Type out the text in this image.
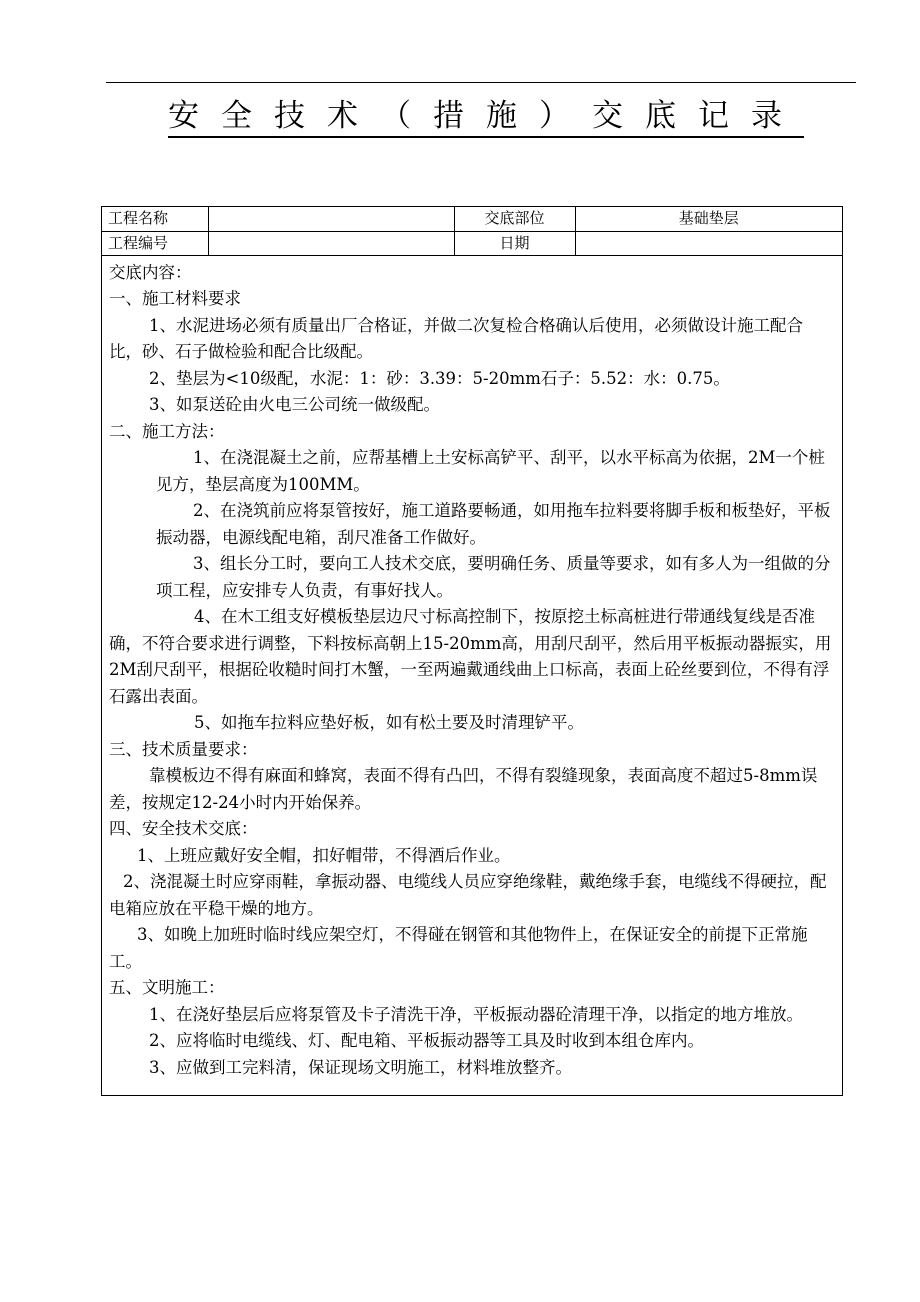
安全技术（措施）交底记录
工程名称		交底部位	基础垫层
工程编号		日期	

交底内容：

一、施工材料要求

1、水泥进场必须有质量出厂合格证，并做二次复检合格确认后使用，必须做设计施工配合比，砂、石子做检验和配合比级配。

2、垫层为<10级配，水泥：1：砂：3.39：5-20mm石子：5.52：水：0.75。

3、如泵送砼由火电三公司统一做级配。

二、施工方法：

1、在浇混凝土之前，应帮基槽上土安标高铲平、刮平，以水平标高为依据，2M一个桩见方，垫层高度为100MM。

2、在浇筑前应将泵管按好，施工道路要畅通，如用拖车拉料要将脚手板和板垫好，平板振动器，电源线配电箱，刮尺准备工作做好。

3、组长分工时，要向工人技术交底，要明确任务、质量等要求，如有多人为一组做的分项工程，应安排专人负责，有事好找人。

4、在木工组支好模板垫层边尺寸标高控制下，按原挖土标高桩进行带通线复线是否准确，不符合要求进行调整，下料按标高朝上15-20mm高，用刮尺刮平，然后用平板振动器振实，用2M刮尺刮平，根据砼收糙时间打木蟹，一至两遍戴通线曲上口标高，表面上砼丝要到位，不得有浮石露出表面。

5、如拖车拉料应垫好板，如有松土要及时清理铲平。

三、技术质量要求：

靠模板边不得有麻面和蜂窝，表面不得有凸凹，不得有裂缝现象，表面高度不超过5-8mm误差，按规定12-24小时内开始保养。

四、安全技术交底：

1、上班应戴好安全帽，扣好帽带，不得酒后作业。

2、浇混凝土时应穿雨鞋，拿振动器、电缆线人员应穿绝缘鞋，戴绝缘手套，电缆线不得硬拉，配电箱应放在平稳干燥的地方。

3、如晚上加班时临时线应架空灯，不得碰在钢管和其他物件上，在保证安全的前提下正常施工。

五、文明施工：

1、在浇好垫层后应将泵管及卡子清洗干净，平板振动器砼清理干净，以指定的地方堆放。

2、应将临时电缆线、灯、配电箱、平板振动器等工具及时收到本组仓库内。

3、应做到工完料清，保证现场文明施工，材料堆放整齐。
